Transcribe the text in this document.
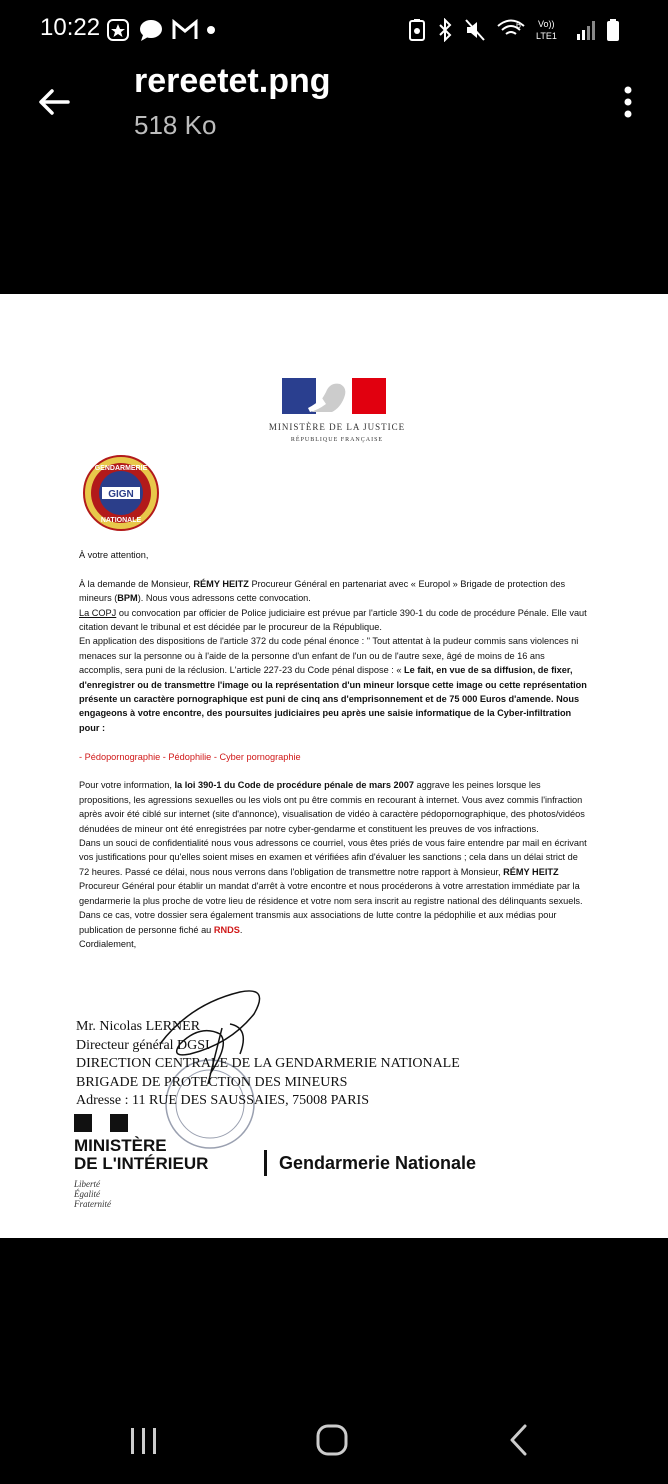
10:22	6 Vo))
LTE1
rereetet.png
518 Ko
MINISTÈRE DE LA JUSTICE
RÉPUBLIQUE FRANÇAISE
GIGN
GENDARMERIE
NATIONALE

À votre attention,

À la demande de Monsieur, RÉMY HEITZ Procureur Général en partenariat avec « Europol » Brigade de protection des mineurs (BPM). Nous vous adressons cette convocation.

La COPJ ou convocation par officier de Police judiciaire est prévue par l'article 390-1 du code de procédure Pénale. Elle vaut citation devant le tribunal et est décidée par le procureur de la République.

En application des dispositions de l'article 372 du code pénal énonce : " Tout attentat à la pudeur commis sans violences ni menaces sur la personne ou à l'aide de la personne d'un enfant de l'un ou de l'autre sexe, âgé de moins de 16 ans accomplis, sera puni de la réclusion. L'article 227-23 du Code pénal dispose : « Le fait, en vue de sa diffusion, de fixer, d'enregistrer ou de transmettre l'image ou la représentation d'un mineur lorsque cette image ou cette représentation présente un caractère pornographique est puni de cinq ans d'emprisonnement et de 75 000 Euros d'amende. Nous engageons à votre encontre, des poursuites judiciaires peu après une saisie informatique de la Cyber-infiltration pour :

- Pédopornographie - Pédophilie - Cyber pornographie

Pour votre information, la loi 390-1 du Code de procédure pénale de mars 2007 aggrave les peines lorsque les propositions, les agressions sexuelles ou les viols ont pu être commis en recourant à internet. Vous avez commis l'infraction après avoir été ciblé sur internet (site d'annonce), visualisation de vidéo à caractère pédopornographique, des photos/vidéos dénudées de mineur ont été enregistrées par notre cyber-gendarme et constituent les preuves de vos infractions.

Dans un souci de confidentialité nous vous adressons ce courriel, vous êtes priés de vous faire entendre par mail en écrivant vos justifications pour qu'elles soient mises en examen et vérifiées afin d'évaluer les sanctions ; cela dans un délai strict de 72 heures. Passé ce délai, nous nous verrons dans l'obligation de transmettre notre rapport à Monsieur, RÉMY HEITZ Procureur Général pour établir un mandat d'arrêt à votre encontre et nous procéderons à votre arrestation immédiate par la gendarmerie la plus proche de votre lieu de résidence et votre nom sera inscrit au registre national des délinquants sexuels. Dans ce cas, votre dossier sera également transmis aux associations de lutte contre la pédophilie et aux médias pour publication de personne fiché au RNDS.

Cordialement,

Mr. Nicolas LERNER
Directeur général DGSI
DIRECTION CENTRALE DE LA GENDARMERIE NATIONALE
BRIGADE DE PROTECTION DES MINEURS
Adresse : 11 RUE DES SAUSSAIES, 75008 PARIS
MINISTÈRE
DE L'INTÉRIEUR
Liberté
Égalité
Fraternité
Gendarmerie Nationale
